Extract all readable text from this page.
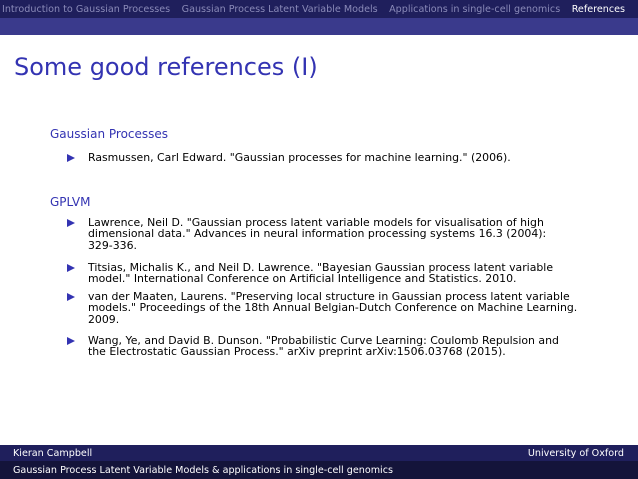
Introduction to Gaussian Processes Gaussian Process Latent Variable Models Applications in single-cell genomics References
Some good references (I)
Gaussian Processes
Rasmussen, Carl Edward. "Gaussian processes for machine learning." (2006).
GPLVM
Lawrence, Neil D. "Gaussian process latent variable models for visualisation of high
dimensional data." Advances in neural information processing systems 16.3 (2004):
329-336.
Titsias, Michalis K., and Neil D. Lawrence. "Bayesian Gaussian process latent variable
model." International Conference on Artificial Intelligence and Statistics. 2010.
van der Maaten, Laurens. "Preserving local structure in Gaussian process latent variable
models." Proceedings of the 18th Annual Belgian-Dutch Conference on Machine Learning.
2009.
Wang, Ye, and David B. Dunson. "Probabilistic Curve Learning: Coulomb Repulsion and
the Electrostatic Gaussian Process." arXiv preprint arXiv:1506.03768 (2015).
Kieran Campbell	University of Oxford
Gaussian Process Latent Variable Models & applications in single-cell genomics
